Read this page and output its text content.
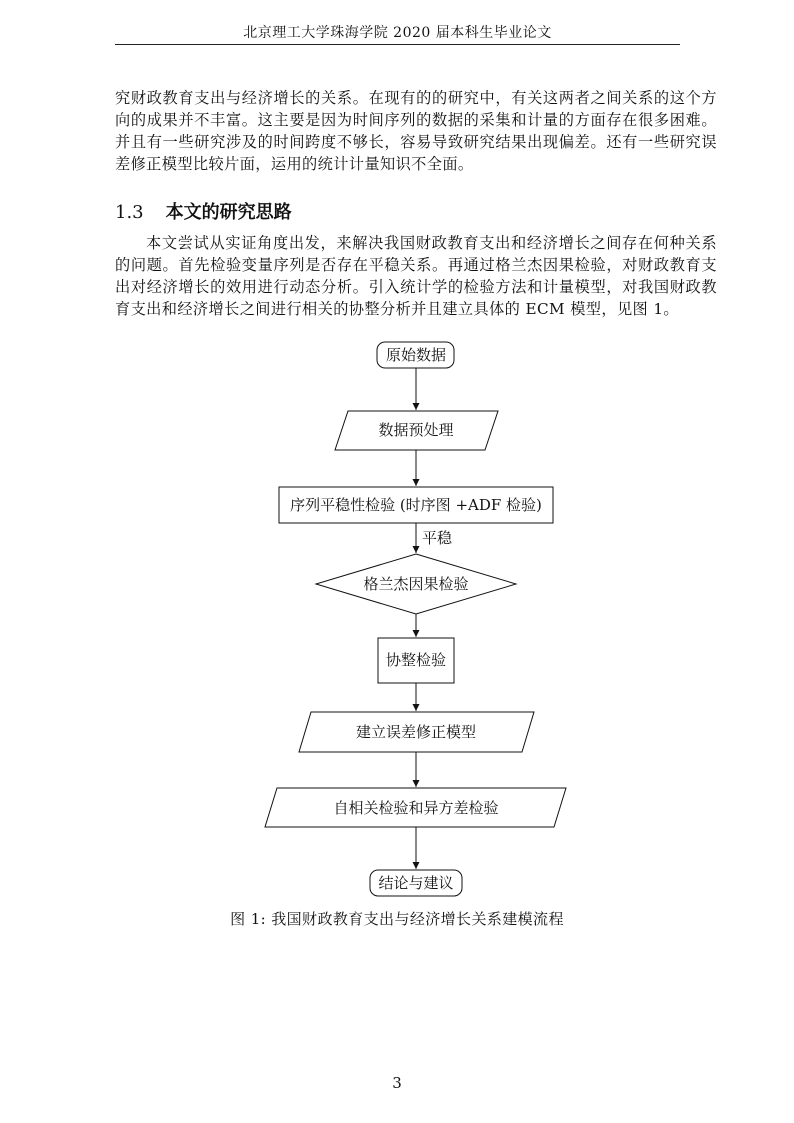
北京理工大学珠海学院 2020 届本科生毕业论文

究财政教育支出与经济增长的关系。在现有的的研究中，有关这两者之间关系的这个方向的成果并不丰富。这主要是因为时间序列的数据的采集和计量的方面存在很多困难。并且有一些研究涉及的时间跨度不够长，容易导致研究结果出现偏差。还有一些研究误差修正模型比较片面，运用的统计计量知识不全面。

1.3 本文的研究思路

本文尝试从实证角度出发，来解决我国财政教育支出和经济增长之间存在何种关系的问题。首先检验变量序列是否存在平稳关系。再通过格兰杰因果检验，对财政教育支出对经济增长的效用进行动态分析。引入统计学的检验方法和计量模型，对我国财政教育支出和经济增长之间进行相关的协整分析并且建立具体的 ECM 模型，见图 1。

原始数据
数据预处理
序列平稳性检验 (时序图 +ADF 检验)
格兰杰因果检验
协整检验
建立误差修正模型
自相关检验和异方差检验
结论与建议
平稳
图 1: 我国财政教育支出与经济增长关系建模流程
3
